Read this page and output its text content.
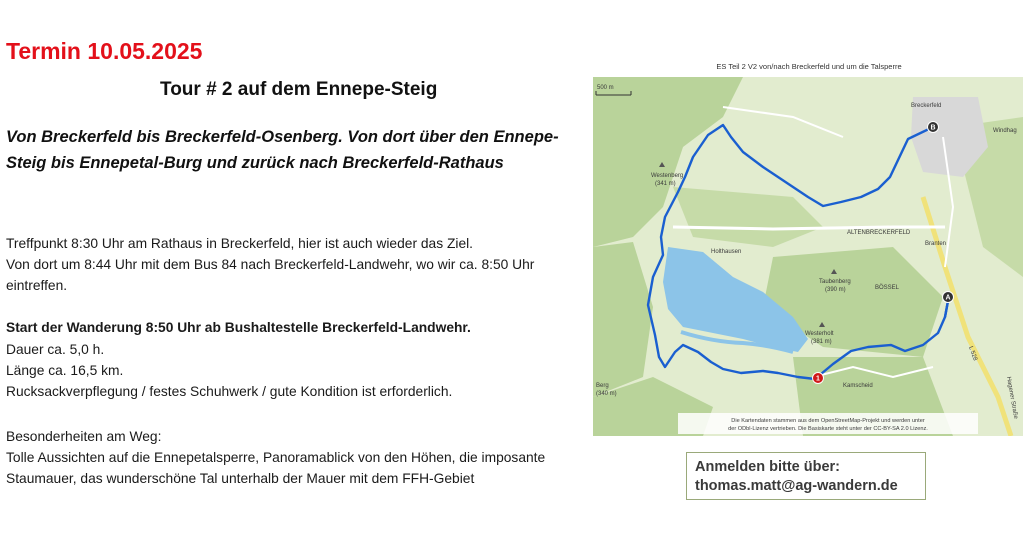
Termin 10.05.2025
Tour # 2 auf dem Ennepe-Steig
Von Breckerfeld bis Breckerfeld-Osenberg. Von dort über den Ennepe-Steig bis Ennepetal-Burg und zurück nach Breckerfeld-Rathaus
Treffpunkt 8:30 Uhr am Rathaus in Breckerfeld, hier ist auch wieder das Ziel.
Von dort um 8:44 Uhr mit dem Bus 84 nach Breckerfeld-Landwehr, wo wir ca. 8:50 Uhr
eintreffen.
Start der Wanderung 8:50 Uhr ab Bushaltestelle Breckerfeld-Landwehr.
Dauer ca. 5,0 h.
Länge ca. 16,5 km.
Rucksackverpflegung / festes Schuhwerk / gute Kondition ist erforderlich.
Besonderheiten am Weg:
Tolle Aussichten auf die Ennepetalsperre, Panoramablick von den Höhen, die imposante
Staumauer, das wunderschöne Tal unterhalb der Mauer mit dem FFH-Gebiet
ES Teil 2 V2 von/nach Breckerfeld und um die Talsperre
500 m
Breckerfeld
Windhag
Westenberg
(341 m)
Holthausen
ALTENBRECKERFELD
Branten
Taubenberg
(390 m)	BÖSSEL
Westerholt
(381 m)
Kamscheid
Berg
(340 m)
L 528
Hagener Straße
B
A
1
Die Kartendaten stammen aus dem OpenStreetMap-Projekt und werden unter
der ODbl-Lizenz vertrieben. Die Basiskarte steht unter der CC-BY-SA 2.0 Lizenz.
Anmelden bitte über:
thomas.matt@ag-wandern.de
